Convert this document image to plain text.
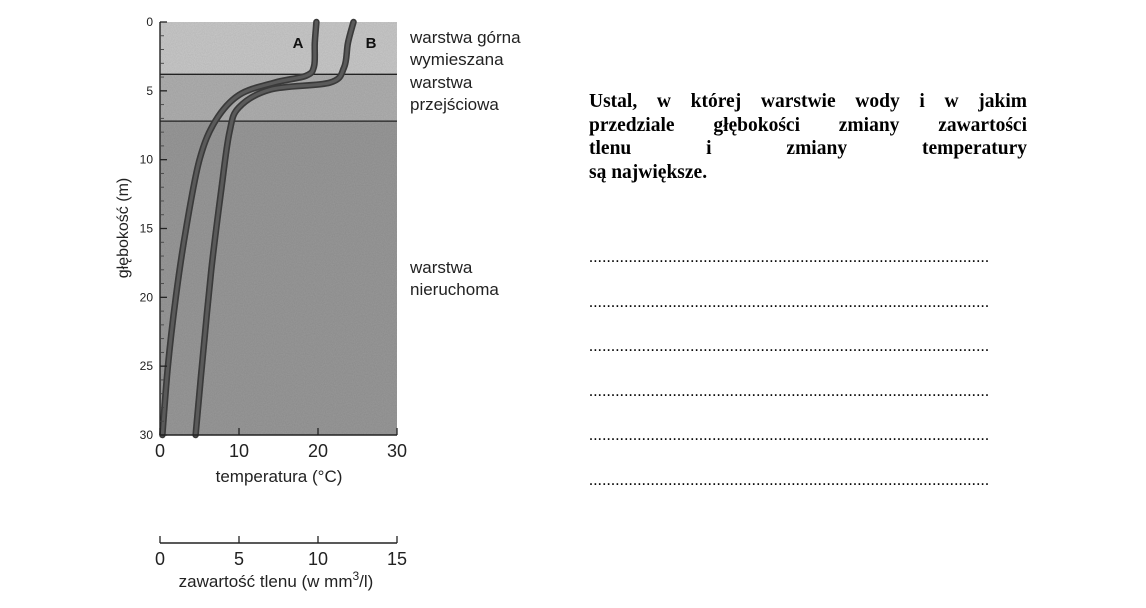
0
5
10
15
20
25
30
0	10	20	30
0	5	10	15
A	B warstwa górna
wymieszana
warstwa
przejściowa
warstwa
nieruchoma
głębokość (m)
temperatura (°C)
zawartość tlenu (w $mm^3/l$)
Ustal, w której warstwie wody i w jakim
przedziale głębokości zmiany zawartości
tlenu i zmiany temperatury
są największe.
...........................................................................................
...........................................................................................
...........................................................................................
...........................................................................................
...........................................................................................
...........................................................................................
